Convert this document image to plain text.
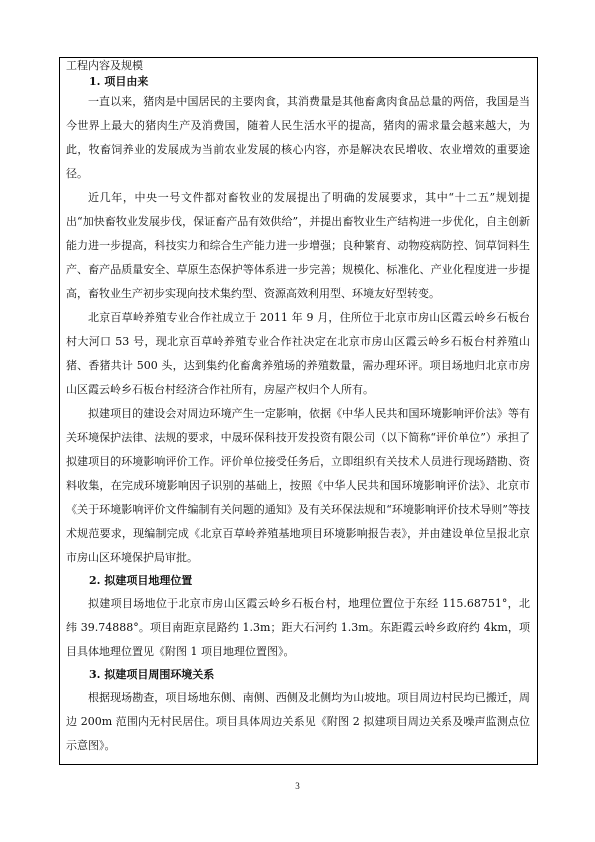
工程内容及规模

1. 项目由来

一直以来，猪肉是中国居民的主要肉食，其消费量是其他畜禽肉食品总量的两倍，我国是当今世界上最大的猪肉生产及消费国，随着人民生活水平的提高，猪肉的需求量会越来越大，为此，牧畜饲养业的发展成为当前农业发展的核心内容，亦是解决农民增收、农业增效的重要途径。

近几年，中央一号文件都对畜牧业的发展提出了明确的发展要求，其中“十二五”规划提出“加快畜牧业发展步伐，保证畜产品有效供给”，并提出畜牧业生产结构进一步优化，自主创新能力进一步提高，科技实力和综合生产能力进一步增强；良种繁育、动物疫病防控、饲草饲料生产、畜产品质量安全、草原生态保护等体系进一步完善；规模化、标准化、产业化程度进一步提高，畜牧业生产初步实现向技术集约型、资源高效利用型、环境友好型转变。

北京百草岭养殖专业合作社成立于 2011 年 9 月，住所位于北京市房山区霞云岭乡石板台村大河口 53 号，现北京百草岭养殖专业合作社决定在北京市房山区霞云岭乡石板台村养殖山猪、香猪共计 500 头，达到集约化畜禽养殖场的养殖数量，需办理环评。项目场地归北京市房山区霞云岭乡石板台村经济合作社所有，房屋产权归个人所有。

拟建项目的建设会对周边环境产生一定影响，依据《中华人民共和国环境影响评价法》等有关环境保护法律、法规的要求，中晟环保科技开发投资有限公司（以下简称“评价单位”）承担了拟建项目的环境影响评价工作。评价单位接受任务后，立即组织有关技术人员进行现场踏勘、资料收集，在完成环境影响因子识别的基础上，按照《中华人民共和国环境影响评价法》、北京市《关于环境影响评价文件编制有关问题的通知》及有关环保法规和“环境影响评价技术导则”等技术规范要求，现编制完成《北京百草岭养殖基地项目环境影响报告表》，并由建设单位呈报北京市房山区环境保护局审批。

2. 拟建项目地理位置

拟建项目场地位于北京市房山区霞云岭乡石板台村，地理位置位于东经 115.68751°，北纬 39.74888°。项目南距京昆路约 1.3m；距大石河约 1.3m。东距霞云岭乡政府约 4km，项目具体地理位置见《附图 1 项目地理位置图》。

3. 拟建项目周围环境关系

根据现场勘查，项目场地东侧、南侧、西侧及北侧均为山坡地。项目周边村民均已搬迁，周边 200m 范围内无村民居住。项目具体周边关系见《附图 2 拟建项目周边关系及噪声监测点位示意图》。

3
